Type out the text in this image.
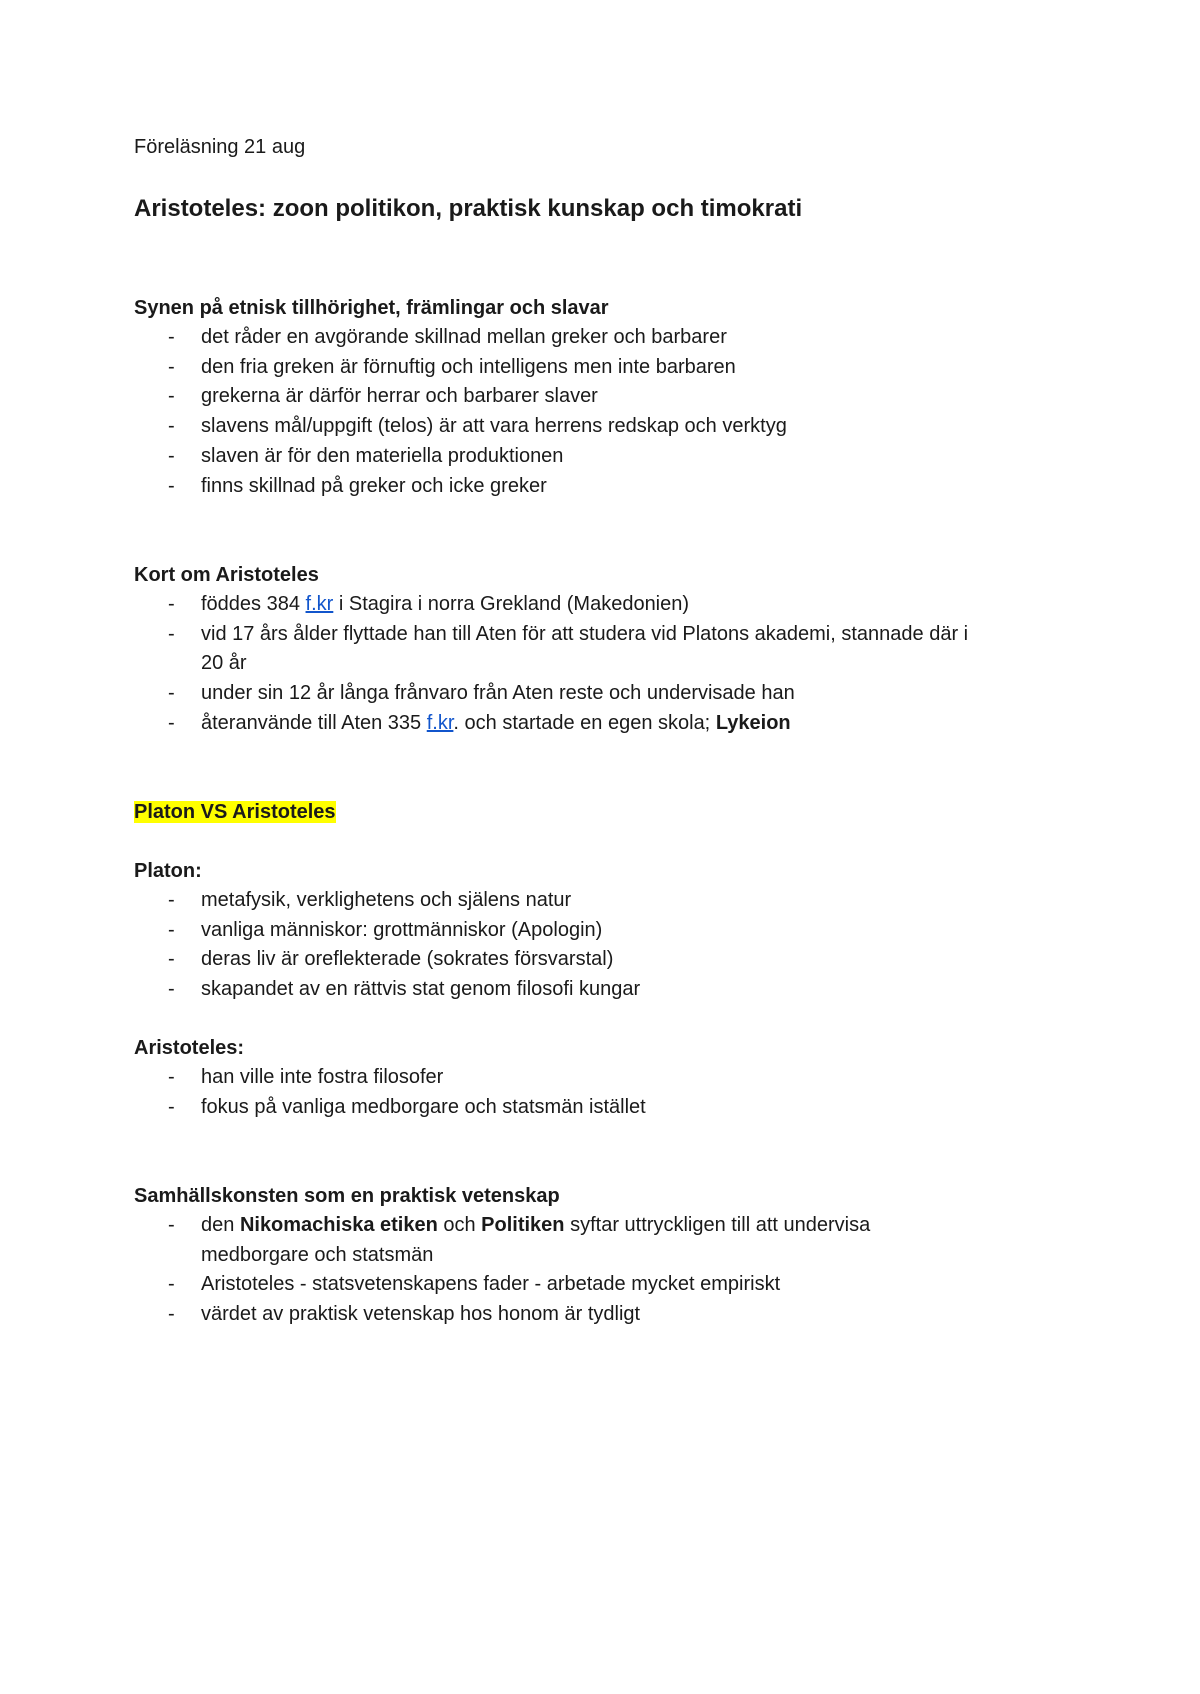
Föreläsning 21 aug
Aristoteles: zoon politikon, praktisk kunskap och timokrati
Synen på etnisk tillhörighet, främlingar och slavar
- det råder en avgörande skillnad mellan greker och barbarer
- den fria greken är förnuftig och intelligens men inte barbaren
- grekerna är därför herrar och barbarer slaver
- slavens mål/uppgift (telos) är att vara herrens redskap och verktyg
- slaven är för den materiella produktionen
- finns skillnad på greker och icke greker
Kort om Aristoteles
- föddes 384 f.kr i Stagira i norra Grekland (Makedonien)
- vid 17 års ålder flyttade han till Aten för att studera vid Platons akademi, stannade där i 20 år
- under sin 12 år långa frånvaro från Aten reste och undervisade han
- återanvände till Aten 335 f.kr. och startade en egen skola; Lykeion
Platon VS Aristoteles
Platon:
- metafysik, verklighetens och själens natur
- vanliga människor: grottmänniskor (Apologin)
- deras liv är oreflekterade (sokrates försvarstal)
- skapandet av en rättvis stat genom filosofi kungar
Aristoteles:
- han ville inte fostra filosofer
- fokus på vanliga medborgare och statsmän istället
Samhällskonsten som en praktisk vetenskap
- den Nikomachiska etiken och Politiken syftar uttryckligen till att undervisa medborgare och statsmän
- Aristoteles - statsvetenskapens fader - arbetade mycket empiriskt
- värdet av praktisk vetenskap hos honom är tydligt
